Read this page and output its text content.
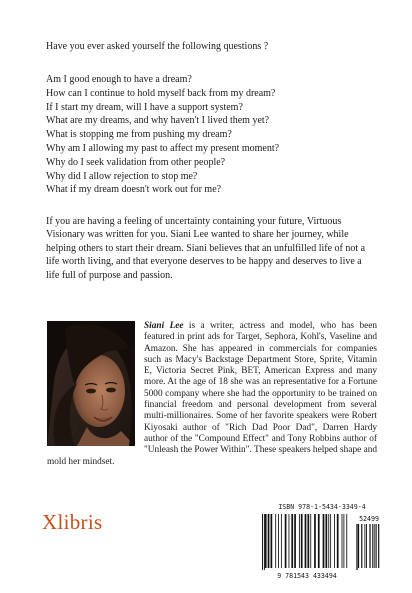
Have you ever asked yourself the following questions ?

Am I good enough to have a dream?
How can I continue to hold myself back from my dream?
If I start my dream, will I have a support system?
What are my dreams, and why haven't I lived them yet?
What is stopping me from pushing my dream?
Why am I allowing my past to affect my present moment?
Why do I seek validation from other people?
Why did I allow rejection to stop me?
What if my dream doesn't work out for me?

If you are having a feeling of uncertainty containing your future, Virtuous Visionary was written for you. Siani Lee wanted to share her journey, while helping others to start their dream. Siani believes that an unfulfilled life of not a life worth living, and that everyone deserves to be happy and deserves to live a life full of purpose and passion.

Siani Lee is a writer, actress and model, who has been featured in print ads for Target, Sephora, Kohl's, Vaseline and Amazon. She has appeared in commercials for companies such as Macy's Backstage Department Store, Sprite, Vitamin E, Victoria Secret Pink, BET, American Express and many more. At the age of 18 she was an representative for a Fortune 5000 company where she had the opportunity to be trained on financial freedom and personal development from several multi-millionaires. Some of her favorite speakers were Robert Kiyosaki author of "Rich Dad Poor Dad", Darren Hardy author of the "Compound Effect" and Tony Robbins author of "Unleash the Power Within". These speakers helped shape and mold her mindset.

Xlibris
ISBN 978-1-5434-3349-4
52499
9 781543 433494
